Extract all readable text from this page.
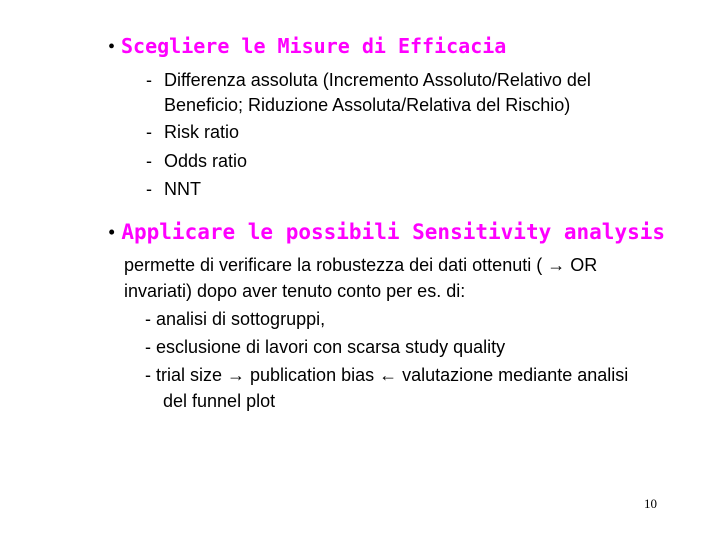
• Scegliere le Misure di Efficacia
- Differenza assoluta (Incremento Assoluto/Relativo del
Beneficio; Riduzione Assoluta/Relativa del Rischio)
- Risk ratio
- Odds ratio
- NNT
• Applicare le possibili Sensitivity analysis
permette di verificare la robustezza dei dati ottenuti ( → OR
invariati) dopo aver tenuto conto per es. di:
- analisi di sottogruppi,
- esclusione di lavori con scarsa study quality
- trial size → publication bias ← valutazione mediante analisi
del funnel plot
10
